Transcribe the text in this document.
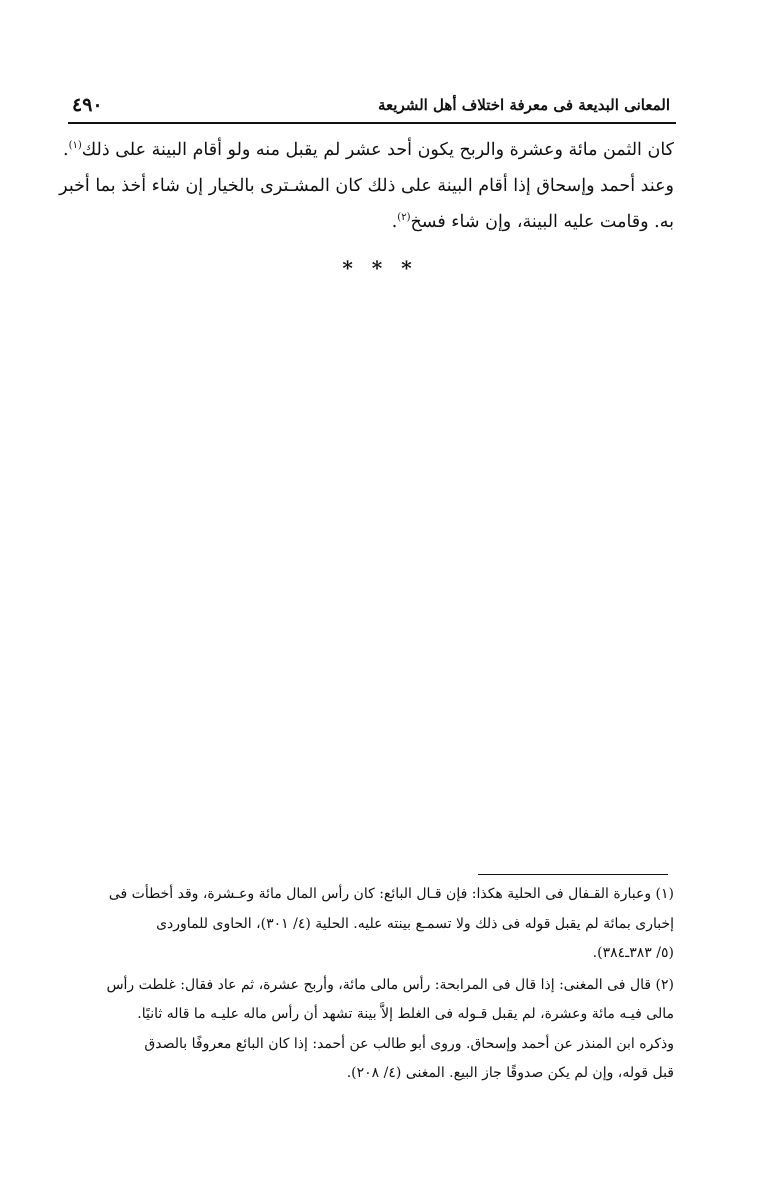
٤٩٠	المعانى البديعة فى معرفة اختلاف أهل الشريعة
كان الثمن مائة وعشرة والربح يكون أحد عشر لم يقبل منه ولو أقام البينة على ذلك$^{(١)}$.
وعند أحمد وإسحاق إذا أقام البينة على ذلك كان المشـترى بالخيار إن شاء أخذ بما أخبر
به. وقامت عليه البينة، وإن شاء فسخ$^{(٢)}$.
* * *
(١) وعبارة القـفال فى الحلية هكذا: فإن قـال البائع: كان رأس المال مائة وعـشرة، وقد أخطأت فى
إخبارى بمائة لم يقبل قوله فى ذلك ولا تسمـع بينته عليه. الحلية (٤/ ٣٠١)، الحاوى للماوردى
(٥/ ٣٨٣ـ٣٨٤).
(٢) قال فى المغنى: إذا قال فى المرابحة: رأس مالى مائة، وأربح عشرة، ثم عاد فقال: غلطت رأس
مالى فيـه مائة وعشرة، لم يقبل قـوله فى الغلط إلاَّ بينة تشهد أن رأس ماله عليـه ما قاله ثانيًا.
وذكره ابن المنذر عن أحمد وإسحاق. وروى أبو طالب عن أحمد: إذا كان البائع معروفًا بالصدق
قبل قوله، وإن لم يكن صدوقًا جاز البيع. المغنى (٤/ ٢٠٨).
